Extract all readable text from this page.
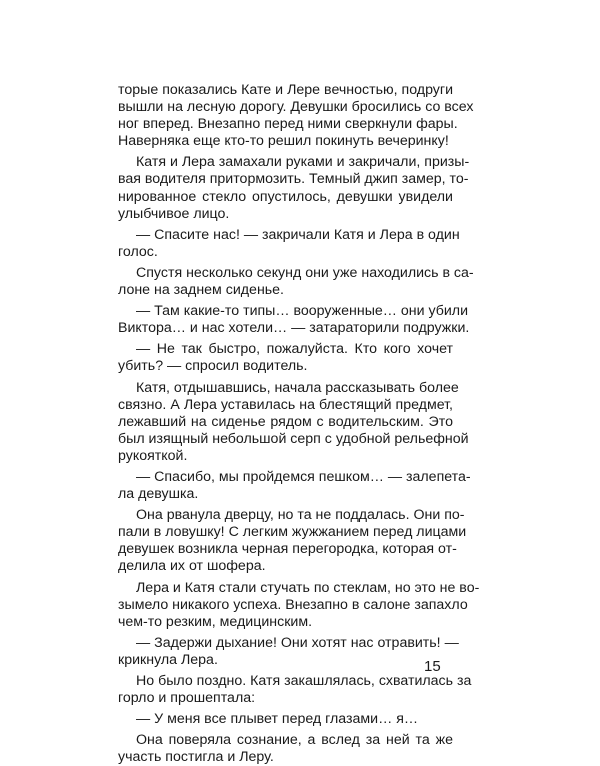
торые показались Кате и Лере вечностью, подруги
вышли на лесную дорогу. Девушки бросились со всех
ног вперед. Внезапно перед ними сверкнули фары.
Наверняка еще кто-то решил покинуть вечеринку!
Катя и Лера замахали руками и закричали, призы-
вая водителя притормозить. Темный джип замер, то-
нированное стекло опустилось, девушки увидели
улыбчивое лицо.
— Спасите нас! — закричали Катя и Лера в один
голос.
Спустя несколько секунд они уже находились в са-
лоне на заднем сиденье.
— Там какие-то типы… вооруженные… они убили
Виктора… и нас хотели… — затараторили подружки.
— Не так быстро, пожалуйста. Кто кого хочет
убить? — спросил водитель.
Катя, отдышавшись, начала рассказывать более
связно. А Лера уставилась на блестящий предмет,
лежавший на сиденье рядом с водительским. Это
был изящный небольшой серп с удобной рельефной
рукояткой.
— Спасибо, мы пройдемся пешком… — залепета-
ла девушка.
Она рванула дверцу, но та не поддалась. Они по-
пали в ловушку! С легким жужжанием перед лицами
девушек возникла черная перегородка, которая от-
делила их от шофера.
Лера и Катя стали стучать по стеклам, но это не во-
зымело никакого успеха. Внезапно в салоне запахло
чем-то резким, медицинским.
— Задержи дыхание! Они хотят нас отравить! —
крикнула Лера.
Но было поздно. Катя закашлялась, схватилась за
горло и прошептала:
— У меня все плывет перед глазами… я…
Она поверяла сознание, а вслед за ней та же
участь постигла и Леру.
15
